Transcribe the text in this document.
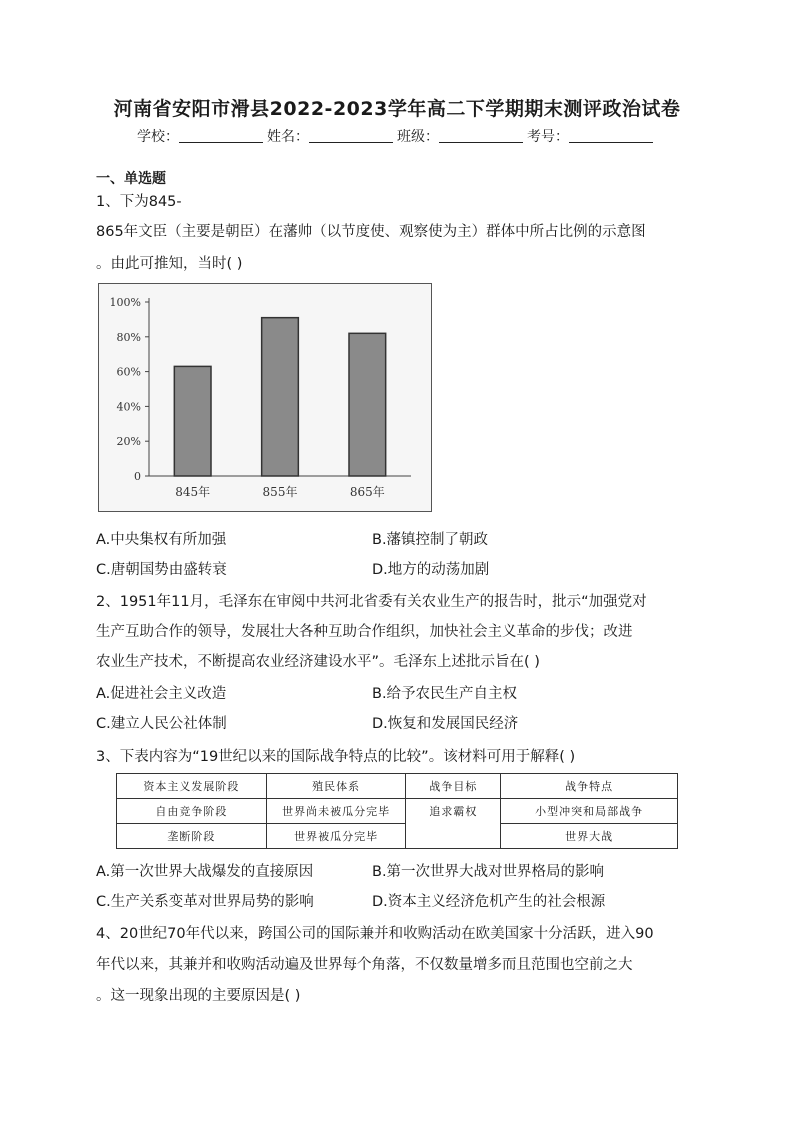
河南省安阳市滑县2022-2023学年高二下学期期末测评政治试卷
学校：	姓名：	班级：	考号：
一、单选题
1、下为845-
865年文臣（主要是朝臣）在藩帅（以节度使、观察使为主）群体中所占比例的示意图
。由此可推知，当时( )
0
20%
40%
60%
80%
100%
845年	855年	865年
A.中央集权有所加强	B.藩镇控制了朝政
C.唐朝国势由盛转衰	D.地方的动荡加剧
2、1951年11月，毛泽东在审阅中共河北省委有关农业生产的报告时，批示“加强党对
生产互助合作的领导，发展壮大各种互助合作组织，加快社会主义革命的步伐；改进
农业生产技术，不断提高农业经济建设水平”。毛泽东上述批示旨在( )
A.促进社会主义改造	B.给予农民生产自主权
C.建立人民公社体制	D.恢复和发展国民经济
3、下表内容为“19世纪以来的国际战争特点的比较”。该材料可用于解释( )
资本主义发展阶段	殖民体系	战争目标	战争特点
自由竞争阶段	世界尚未被瓜分完毕	追求霸权	小型冲突和局部战争
垄断阶段	世界被瓜分完毕		世界大战
A.第一次世界大战爆发的直接原因	B.第一次世界大战对世界格局的影响
C.生产关系变革对世界局势的影响	D.资本主义经济危机产生的社会根源
4、20世纪70年代以来，跨国公司的国际兼并和收购活动在欧美国家十分活跃，进入90
年代以来，其兼并和收购活动遍及世界每个角落，不仅数量增多而且范围也空前之大
。这一现象出现的主要原因是( )
